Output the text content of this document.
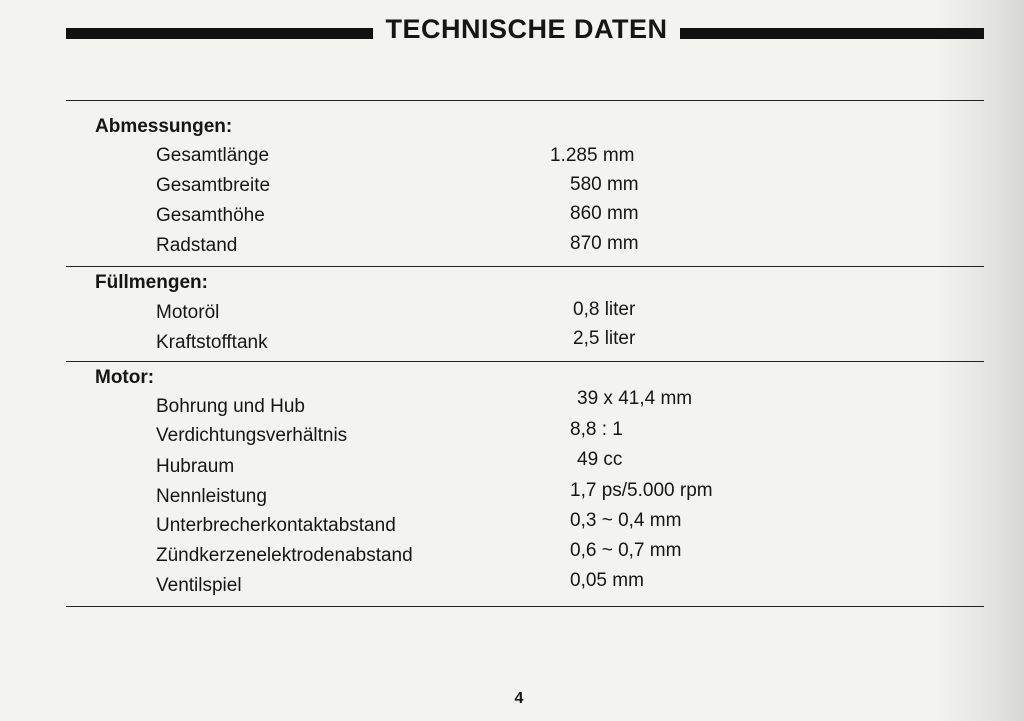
TECHNISCHE DATEN
Abmessungen:
Gesamtlänge	1.285 mm
Gesamtbreite	580 mm
Gesamthöhe	860 mm
Radstand	870 mm
Füllmengen:
Motoröl	0,8 liter
Kraftstofftank	2,5 liter
Motor:
Bohrung und Hub	39 x 41,4 mm
Verdichtungsverhältnis	8,8 : 1
Hubraum	49 cc
Nennleistung	1,7 ps/5.000 rpm
Unterbrecherkontaktabstand	0,3 ~ 0,4 mm
Zündkerzenelektrodenabstand	0,6 ~ 0,7 mm
Ventilspiel	0,05 mm
4
